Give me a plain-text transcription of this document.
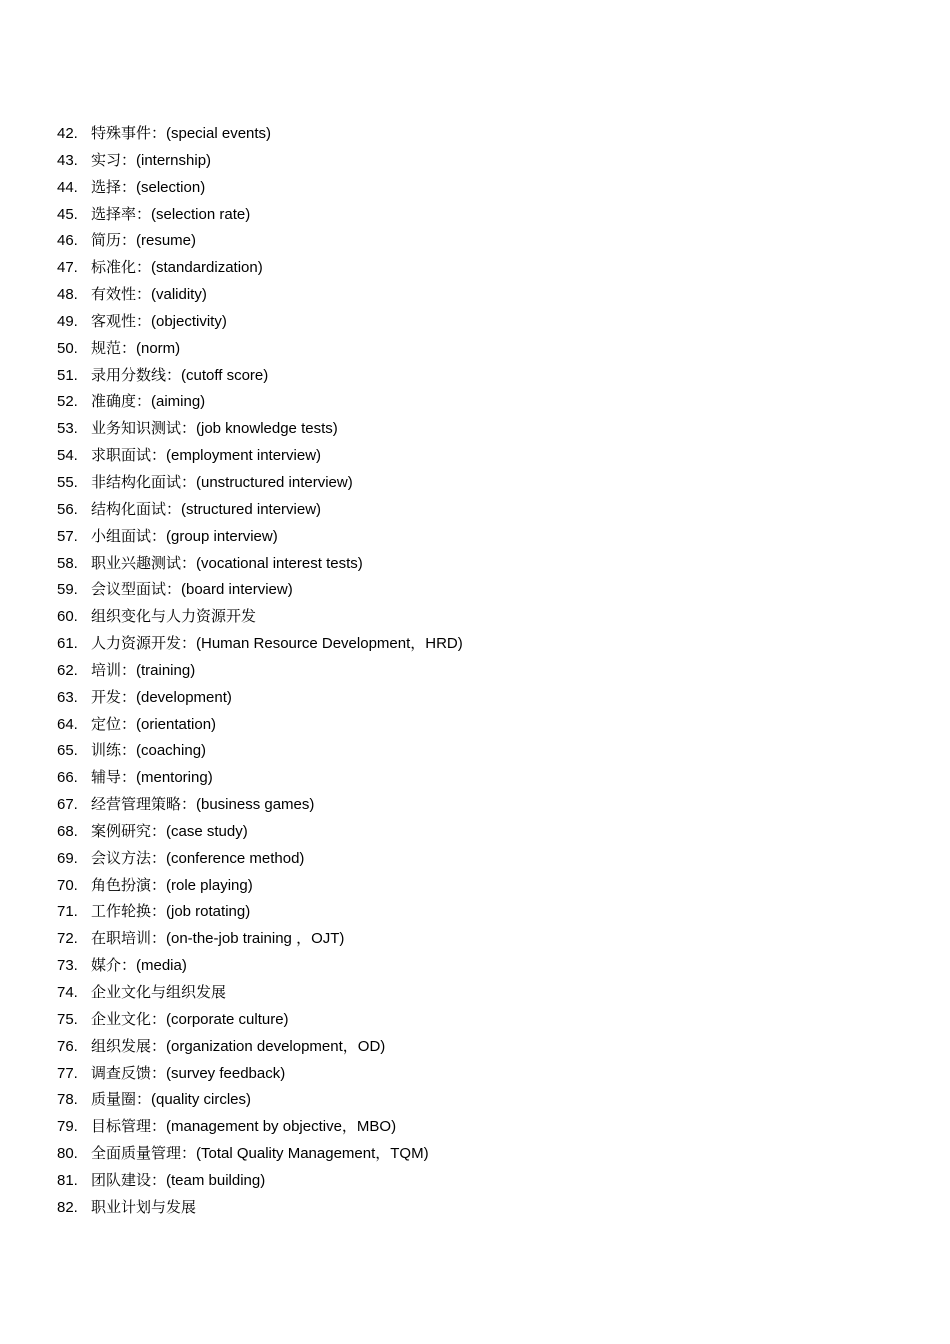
42. 特殊事件：(special events)
43. 实习：(internship)
44. 选择：(selection)
45. 选择率：(selection rate)
46. 简历：(resume)
47. 标准化：(standardization)
48. 有效性：(validity)
49. 客观性：(objectivity)
50. 规范：(norm)
51. 录用分数线：(cutoff score)
52. 准确度：(aiming)
53. 业务知识测试：(job knowledge tests)
54. 求职面试：(employment interview)
55. 非结构化面试：(unstructured interview)
56. 结构化面试：(structured interview)
57. 小组面试：(group interview)
58. 职业兴趣测试：(vocational interest tests)
59. 会议型面试：(board interview)
60. 组织变化与人力资源开发
61. 人力资源开发：(Human Resource Development，HRD)
62. 培训：(training)
63. 开发：(development)
64. 定位：(orientation)
65. 训练：(coaching)
66. 辅导：(mentoring)
67. 经营管理策略：(business games)
68. 案例研究：(case study)
69. 会议方法：(conference method)
70. 角色扮演：(role playing)
71. 工作轮换：(job rotating)
72. 在职培训：(on-the-job training ，OJT)
73. 媒介：(media)
74. 企业文化与组织发展
75. 企业文化：(corporate culture)
76. 组织发展：(organization development，OD)
77. 调查反馈：(survey feedback)
78. 质量圈：(quality circles)
79. 目标管理：(management by objective，MBO)
80. 全面质量管理：(Total Quality Management，TQM)
81. 团队建设：(team building)
82. 职业计划与发展
